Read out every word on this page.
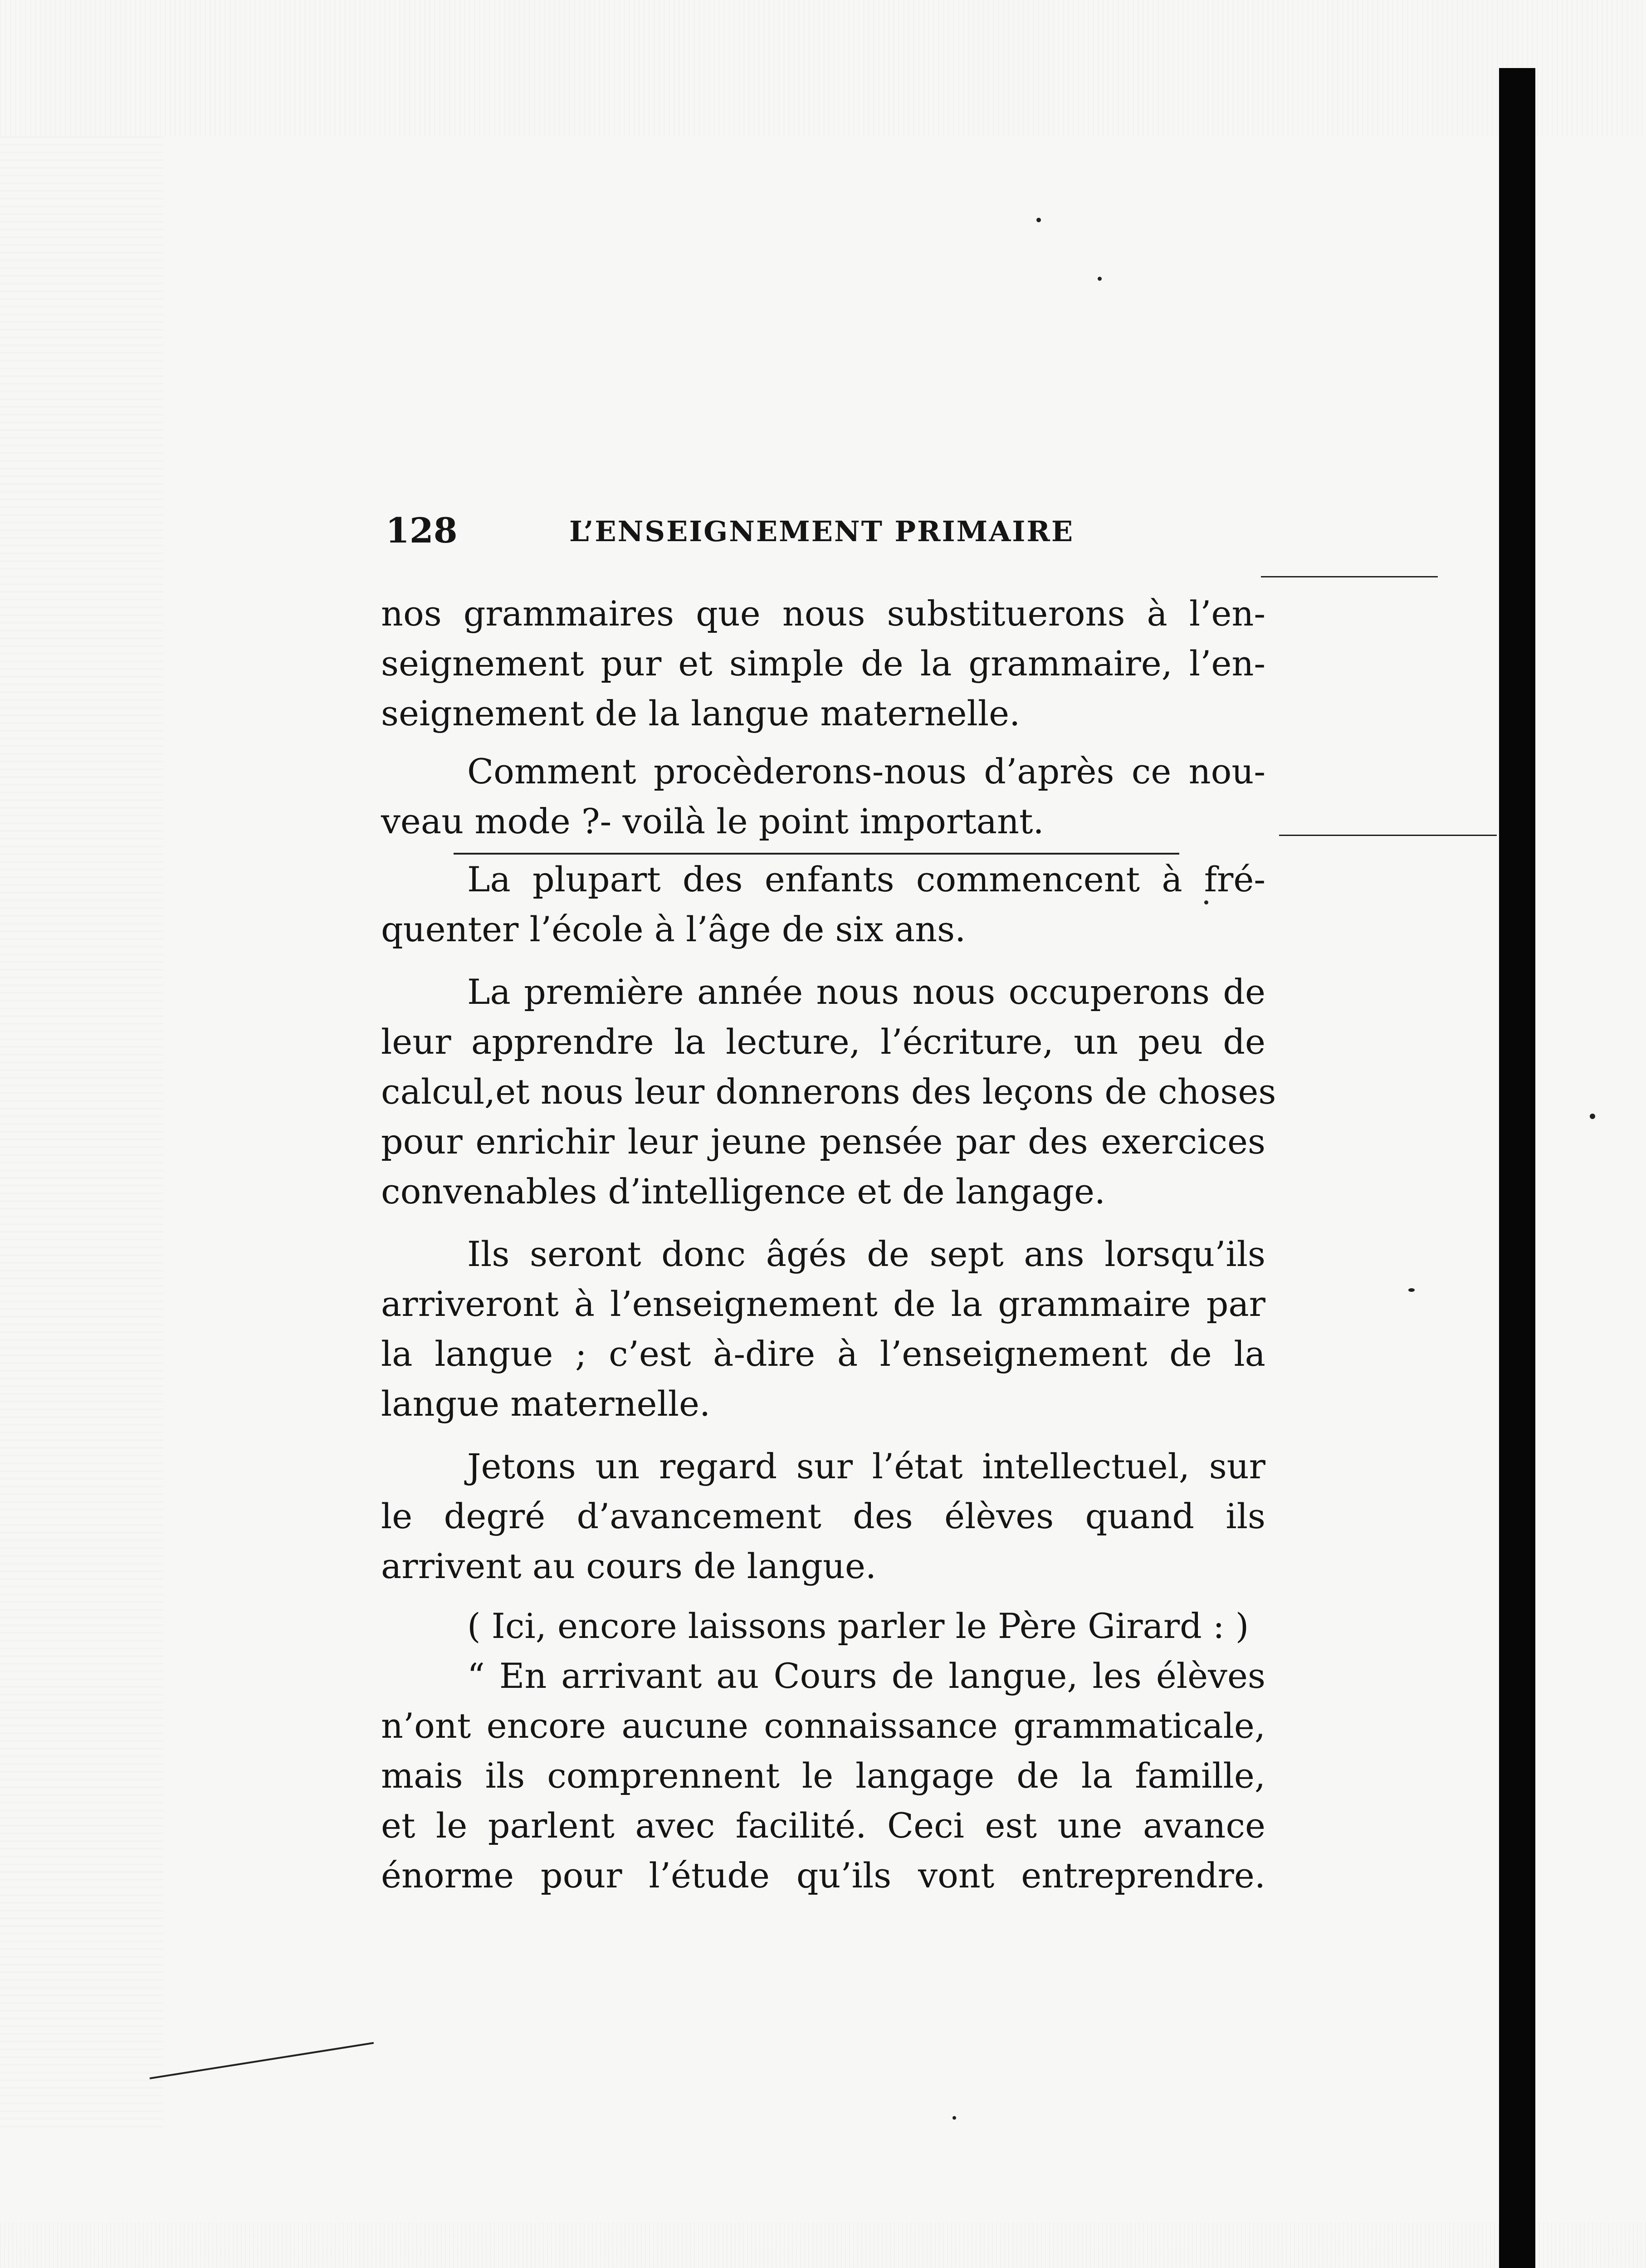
128	L’ENSEIGNEMENT PRIMAIRE
nos grammaires que nous substituerons à l’en-
seignement pur et simple de la grammaire, l’en-
seignement de la langue maternelle.
Comment procèderons-nous d’après ce nou-
veau mode ?- voilà le point important.
La plupart des enfants commencent à fré-
quenter l’école à l’âge de six ans.
La première année nous nous occuperons de
leur apprendre la lecture, l’écriture, un peu de
calcul,et nous leur donnerons des leçons de choses
pour enrichir leur jeune pensée par des exercices
convenables d’intelligence et de langage.
Ils seront donc âgés de sept ans lorsqu’ils
arriveront à l’enseignement de la grammaire par
la langue ; c’est à-dire à l’enseignement de la
langue maternelle.
Jetons un regard sur l’état intellectuel, sur
le degré d’avancement des élèves quand ils
arrivent au cours de langue.
( Ici, encore laissons parler le Père Girard : )
“ En arrivant au Cours de langue, les élèves
n’ont encore aucune connaissance grammaticale,
mais ils comprennent le langage de la famille,
et le parlent avec facilité. Ceci est une avance
énorme pour l’étude qu’ils vont entreprendre.
